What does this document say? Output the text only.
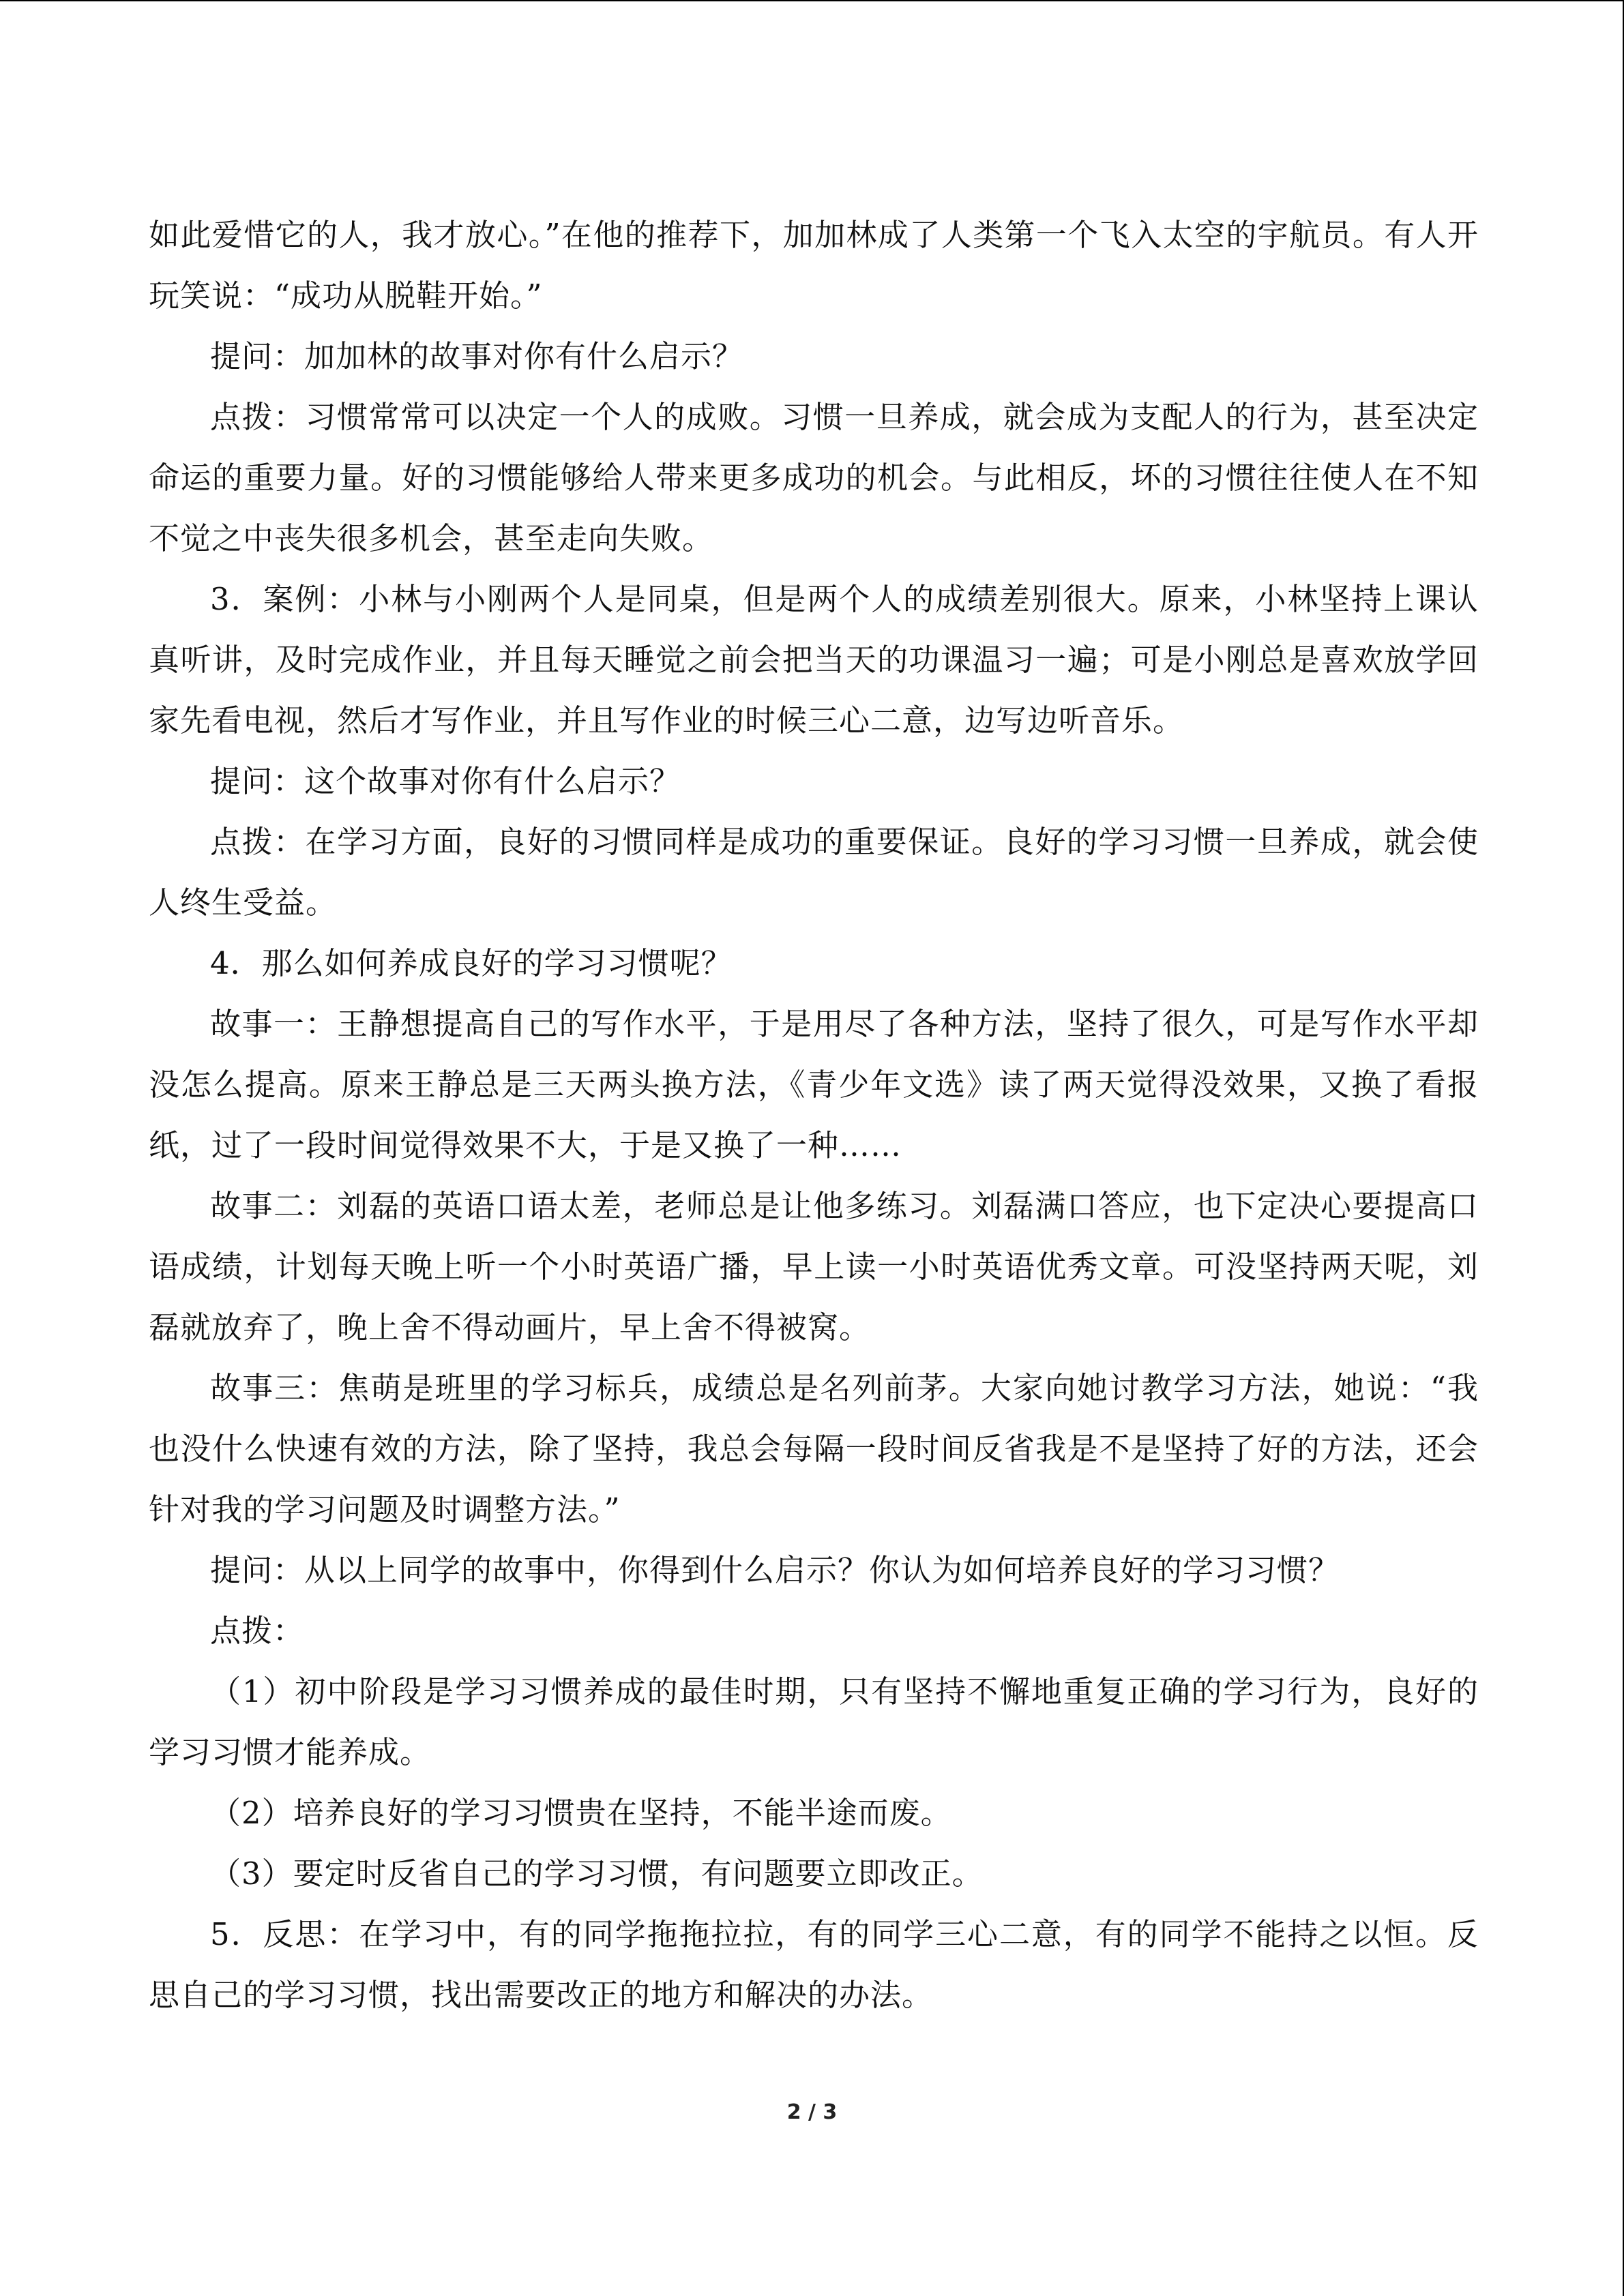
如此爱惜它的人，我才放心。”在他的推荐下，加加林成了人类第一个飞入太空的宇航员。有人开玩笑说：“成功从脱鞋开始。”

提问：加加林的故事对你有什么启示？

点拨：习惯常常可以决定一个人的成败。习惯一旦养成，就会成为支配人的行为，甚至决定命运的重要力量。好的习惯能够给人带来更多成功的机会。与此相反，坏的习惯往往使人在不知不觉之中丧失很多机会，甚至走向失败。

3．案例：小林与小刚两个人是同桌，但是两个人的成绩差别很大。原来，小林坚持上课认真听讲，及时完成作业，并且每天睡觉之前会把当天的功课温习一遍；可是小刚总是喜欢放学回家先看电视，然后才写作业，并且写作业的时候三心二意，边写边听音乐。

提问：这个故事对你有什么启示？

点拨：在学习方面，良好的习惯同样是成功的重要保证。良好的学习习惯一旦养成，就会使人终生受益。

4．那么如何养成良好的学习习惯呢？

故事一：王静想提高自己的写作水平，于是用尽了各种方法，坚持了很久，可是写作水平却没怎么提高。原来王静总是三天两头换方法，《青少年文选》读了两天觉得没效果，又换了看报纸，过了一段时间觉得效果不大，于是又换了一种……

故事二：刘磊的英语口语太差，老师总是让他多练习。刘磊满口答应，也下定决心要提高口语成绩，计划每天晚上听一个小时英语广播，早上读一小时英语优秀文章。可没坚持两天呢，刘磊就放弃了，晚上舍不得动画片，早上舍不得被窝。

故事三：焦萌是班里的学习标兵，成绩总是名列前茅。大家向她讨教学习方法，她说：“我也没什么快速有效的方法，除了坚持，我总会每隔一段时间反省我是不是坚持了好的方法，还会针对我的学习问题及时调整方法。”

提问：从以上同学的故事中，你得到什么启示？你认为如何培养良好的学习习惯？

点拨：

（1）初中阶段是学习习惯养成的最佳时期，只有坚持不懈地重复正确的学习行为，良好的学习习惯才能养成。

（2）培养良好的学习习惯贵在坚持，不能半途而废。

（3）要定时反省自己的学习习惯，有问题要立即改正。

5．反思：在学习中，有的同学拖拖拉拉，有的同学三心二意，有的同学不能持之以恒。反思自己的学习习惯，找出需要改正的地方和解决的办法。

2 / 3
